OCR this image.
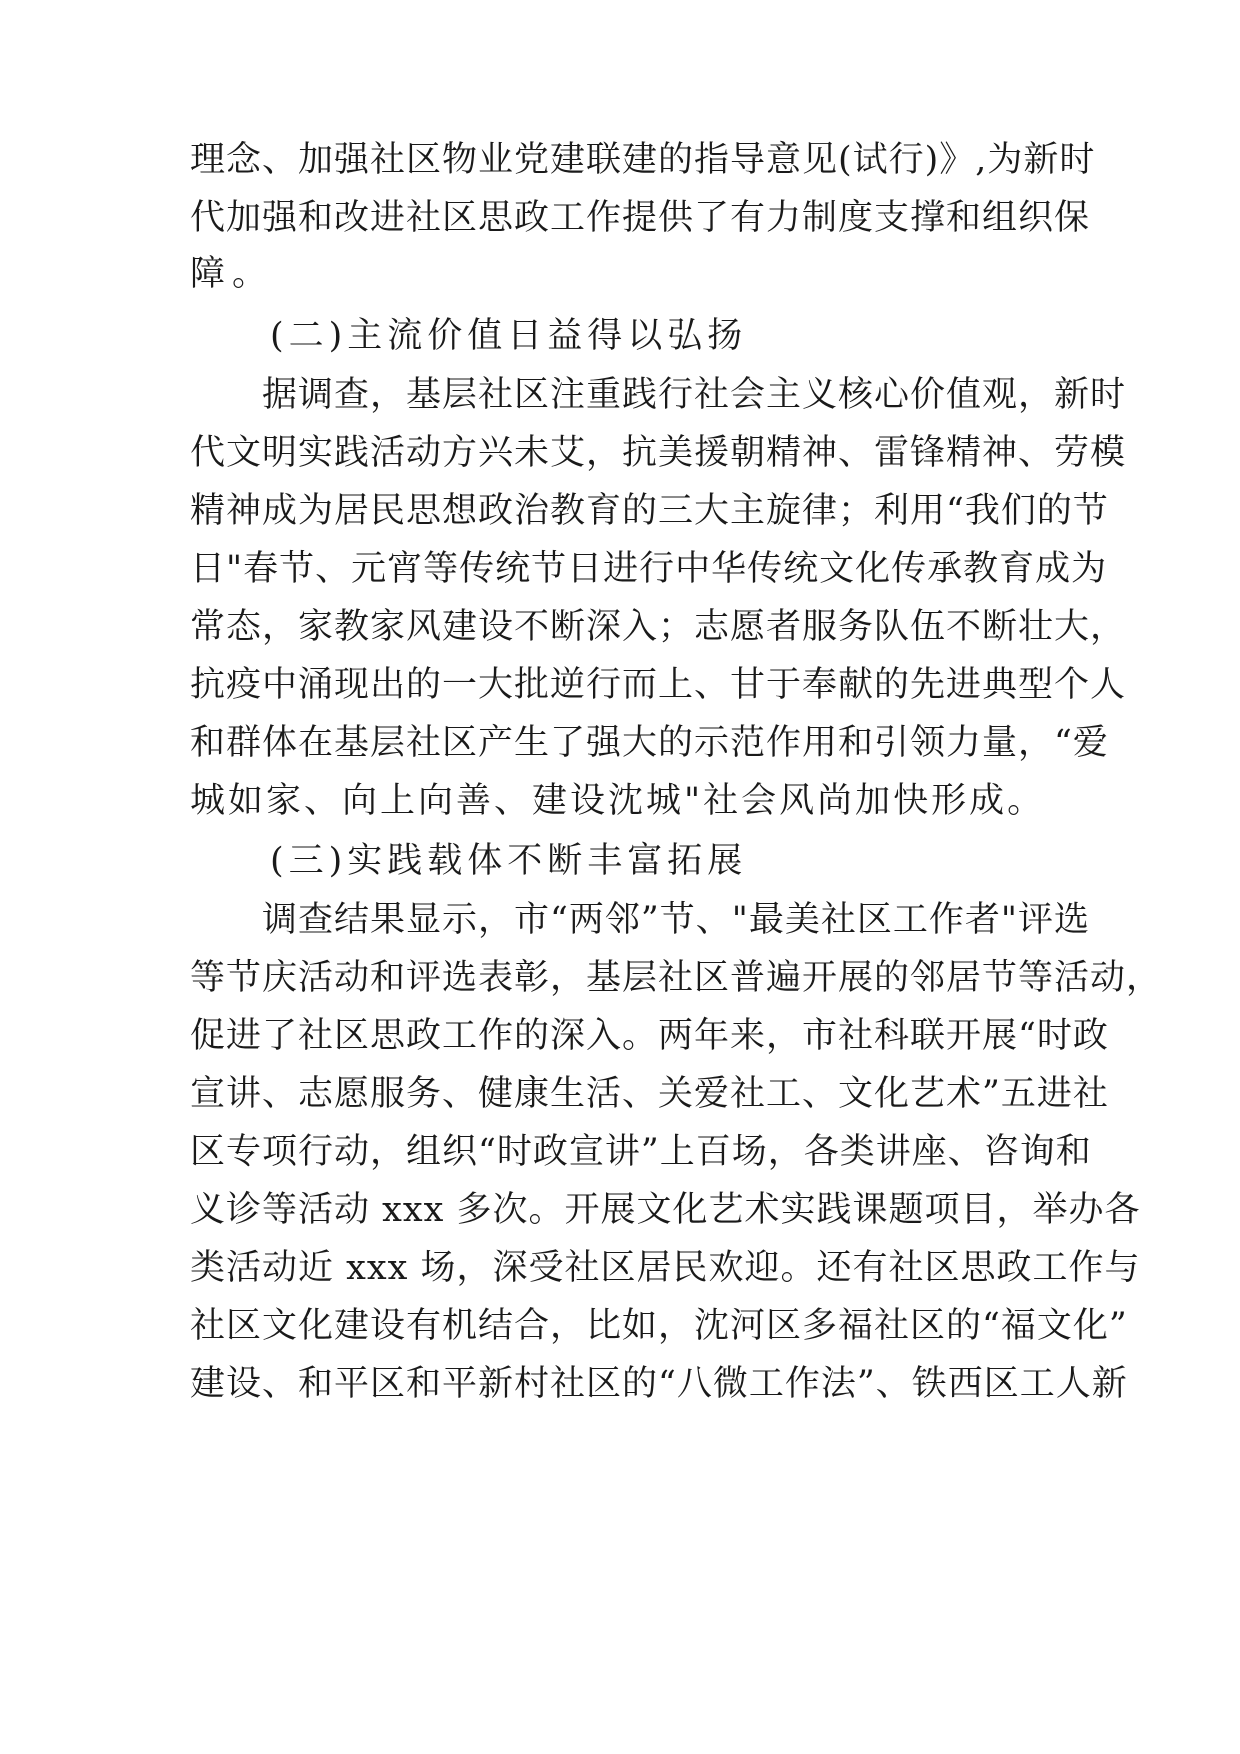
理念、加强社区物业党建联建的指导意见(试行)》,为新时
代加强和改进社区思政工作提供了有力制度支撑和组织保
障。
(二)主流价值日益得以弘扬
据调查，基层社区注重践行社会主义核心价值观，新时
代文明实践活动方兴未艾，抗美援朝精神、雷锋精神、劳模
精神成为居民思想政治教育的三大主旋律；利用“我们的节
日"春节、元宵等传统节日进行中华传统文化传承教育成为
常态，家教家风建设不断深入；志愿者服务队伍不断壮大，
抗疫中涌现出的一大批逆行而上、甘于奉献的先进典型个人
和群体在基层社区产生了强大的示范作用和引领力量，“爱
城如家、向上向善、建设沈城"社会风尚加快形成。
(三)实践载体不断丰富拓展
调查结果显示，市“两邻”节、"最美社区工作者"评选
等节庆活动和评选表彰，基层社区普遍开展的邻居节等活动，
促进了社区思政工作的深入。两年来，市社科联开展“时政
宣讲、志愿服务、健康生活、关爱社工、文化艺术”五进社
区专项行动，组织“时政宣讲”上百场，各类讲座、咨询和
义诊等活动 xxx 多次。开展文化艺术实践课题项目，举办各
类活动近 xxx 场，深受社区居民欢迎。还有社区思政工作与
社区文化建设有机结合，比如，沈河区多福社区的“福文化”
建设、和平区和平新村社区的“八微工作法”、铁西区工人新
